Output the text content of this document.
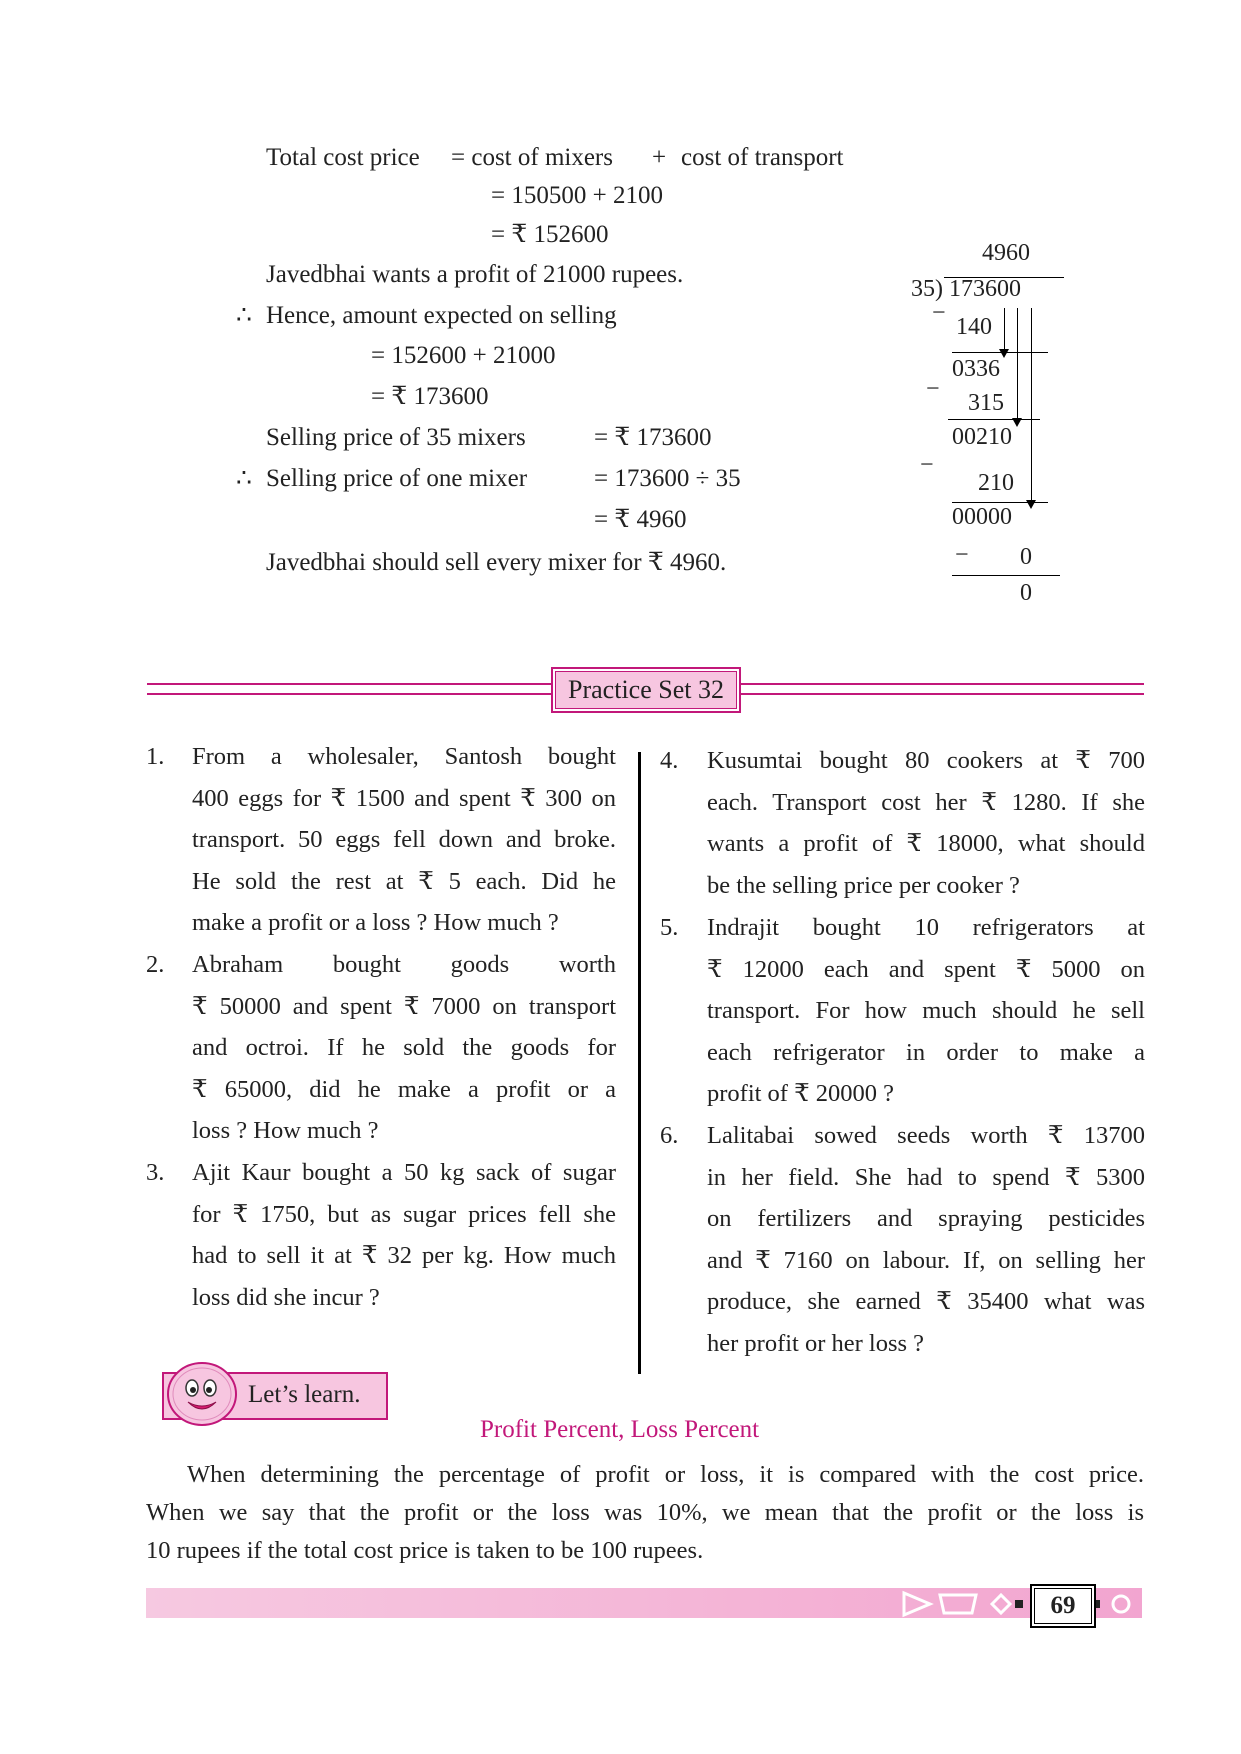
Total cost price = cost of mixers + cost of transport
= 150500 + 2100
= ₹ 152600
Javedbhai wants a profit of 21000 rupees.
∴ Hence, amount expected on selling
= 152600 + 21000
= ₹ 173600
Selling price of 35 mixers	= ₹ 173600
∴ Selling price of one mixer	= 173600 ÷ 35
= ₹ 4960
Javedbhai should sell every mixer for ₹ 4960.
4960
35) 173600
−
140
0336
−
315
00210
−
210
00000
− 0
0
Practice Set 32
1. From a wholesaler, Santosh bought
400 eggs for ₹ 1500 and spent ₹ 300 on
transport. 50 eggs fell down and broke.
He sold the rest at ₹ 5 each. Did he
make a profit or a loss ? How much ?
2. Abraham bought goods worth
₹ 50000 and spent ₹ 7000 on transport
and octroi. If he sold the goods for
₹ 65000, did he make a profit or a
loss ? How much ?
3. Ajit Kaur bought a 50 kg sack of sugar
for ₹ 1750, but as sugar prices fell she
had to sell it at ₹ 32 per kg. How much
loss did she incur ?
4. Kusumtai bought 80 cookers at ₹ 700
each. Transport cost her ₹ 1280. If she
wants a profit of ₹ 18000, what should
be the selling price per cooker ?
5. Indrajit bought 10 refrigerators at
₹ 12000 each and spent ₹ 5000 on
transport. For how much should he sell
each refrigerator in order to make a
profit of ₹ 20000 ?
6. Lalitabai sowed seeds worth ₹ 13700
in her field. She had to spend ₹ 5300
on fertilizers and spraying pesticides
and ₹ 7160 on labour. If, on selling her
produce, she earned ₹ 35400 what was
her profit or her loss ?
Let’s learn.
Profit Percent, Loss Percent
When determining the percentage of profit or loss, it is compared with the cost price.
When we say that the profit or the loss was 10%, we mean that the profit or the loss is
10 rupees if the total cost price is taken to be 100 rupees.
69
